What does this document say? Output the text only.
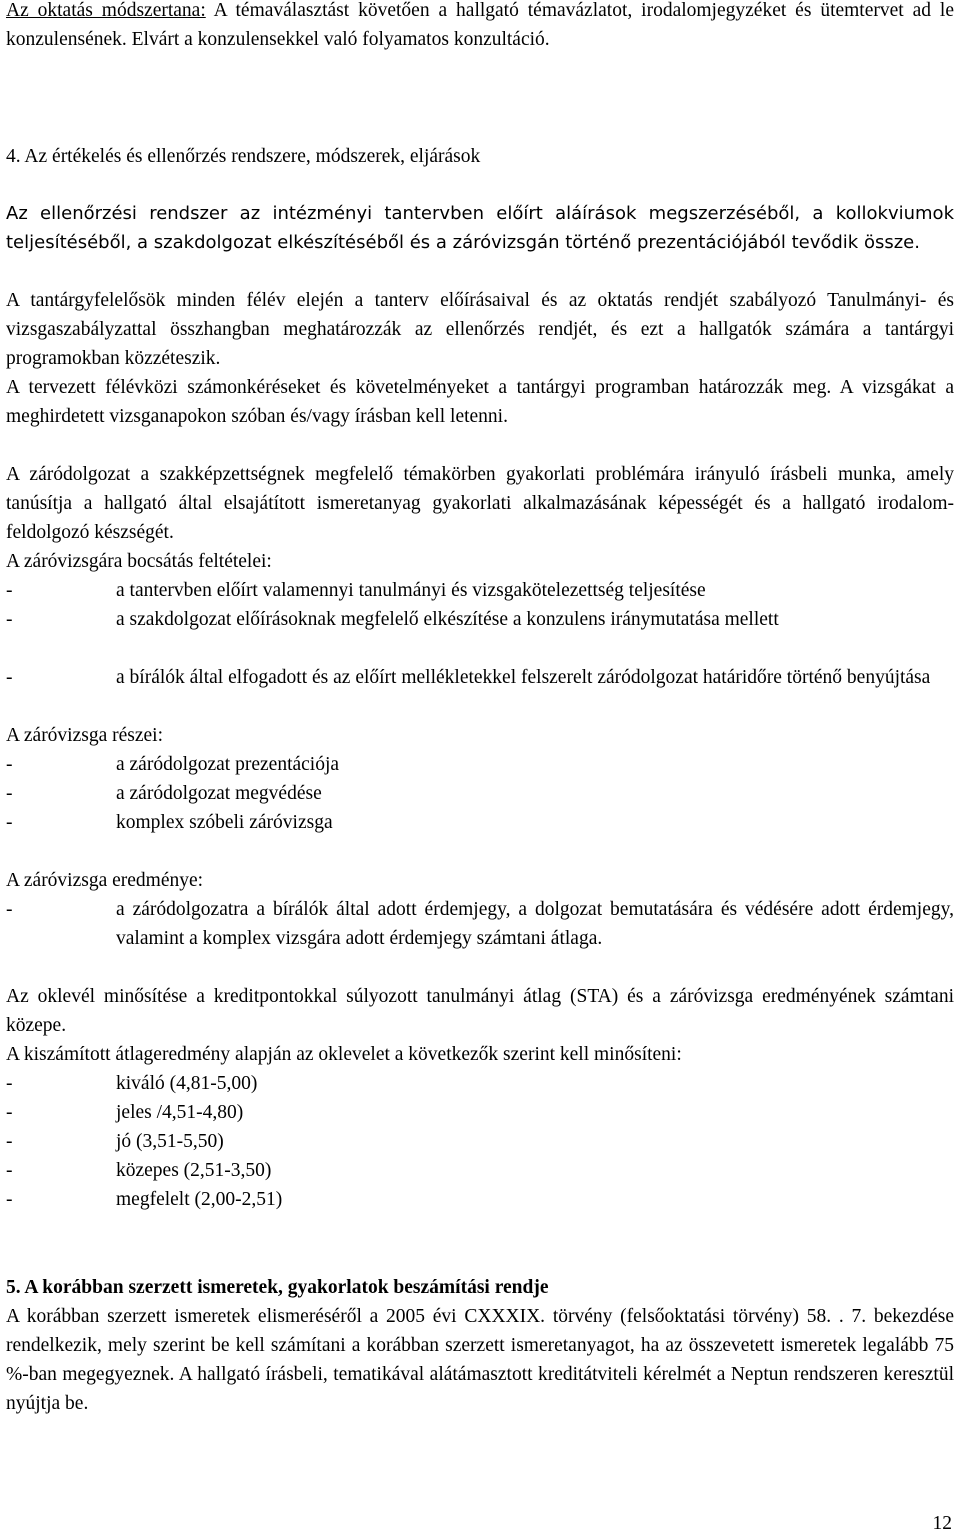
Az oktatás módszertana: A témaválasztást követően a hallgató témavázlatot, irodalomjegyzéket és ütemtervet ad le konzulensének. Elvárt a konzulensekkel való folyamatos konzultáció.
4. Az értékelés és ellenőrzés rendszere, módszerek, eljárások
Az ellenőrzési rendszer az intézményi tantervben előírt aláírások megszerzéséből, a kollokviumok teljesítéséből, a szakdolgozat elkészítéséből és a záróvizsgán történő prezentációjából tevődik össze.
A tantárgyfelelősök minden félév elején a tanterv előírásaival és az oktatás rendjét szabályozó Tanulmányi- és vizsgaszabályzattal összhangban meghatározzák az ellenőrzés rendjét, és ezt a hallgatók számára a tantárgyi programokban közzéteszik.
A tervezett félévközi számonkéréseket és követelményeket a tantárgyi programban határozzák meg. A vizsgákat a meghirdetett vizsganapokon szóban és/vagy írásban kell letenni.
A záródolgozat a szakképzettségnek megfelelő témakörben gyakorlati problémára irányuló írásbeli munka, amely tanúsítja a hallgató által elsajátított ismeretanyag gyakorlati alkalmazásának képességét és a hallgató irodalom-feldolgozó készségét.
A záróvizsgára bocsátás feltételei:
-	a tantervben előírt valamennyi tanulmányi és vizsgakötelezettség teljesítése
-	a szakdolgozat előírásoknak megfelelő elkészítése a konzulens iránymutatása mellett
-	a bírálók által elfogadott és az előírt mellékletekkel felszerelt záródolgozat határidőre történő benyújtása
A záróvizsga részei:
-	a záródolgozat prezentációja
-	a záródolgozat megvédése
-	komplex szóbeli záróvizsga
A záróvizsga eredménye:
-	a záródolgozatra a bírálók által adott érdemjegy, a dolgozat bemutatására és védésére adott érdemjegy, valamint a komplex vizsgára adott érdemjegy számtani átlaga.
Az oklevél minősítése a kreditpontokkal súlyozott tanulmányi átlag (STA) és a záróvizsga eredményének számtani közepe.
A kiszámított átlageredmény alapján az oklevelet a következők szerint kell minősíteni:
-	kiváló (4,81-5,00)
-	jeles /4,51-4,80)
-	jó (3,51-5,50)
-	közepes (2,51-3,50)
-	megfelelt (2,00-2,51)
5. A korábban szerzett ismeretek, gyakorlatok beszámítási rendje
A korábban szerzett ismeretek elismeréséről a 2005 évi CXXXIX. törvény (felsőoktatási törvény) 58. . 7. bekezdése rendelkezik, mely szerint be kell számítani a korábban szerzett ismeretanyagot, ha az összevetett ismeretek legalább 75 %-ban megegyeznek. A hallgató írásbeli, tematikával alátámasztott kreditátviteli kérelmét a Neptun rendszeren keresztül nyújtja be.
12
